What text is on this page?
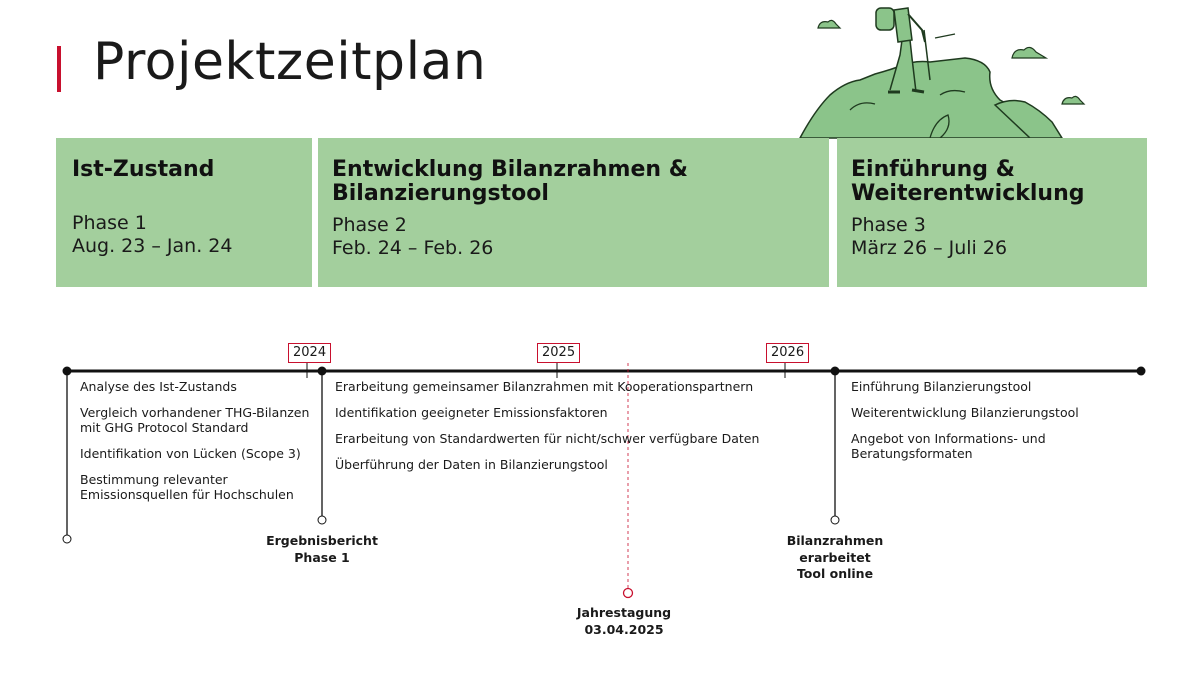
Projektzeitplan
Ist-Zustand
Phase 1
Aug. 23 – Jan. 24
Entwicklung Bilanzrahmen & Bilanzierungstool
Phase 2
Feb. 24 – Feb. 26
Einführung & Weiterentwicklung
Phase 3
März 26 – Juli 26
2024	2025	2026
Analyse des Ist-Zustands
Vergleich vorhandener THG-Bilanzen mit GHG Protocol Standard
Identifikation von Lücken (Scope 3)
Bestimmung relevanter Emissionsquellen für Hochschulen
Erarbeitung gemeinsamer Bilanzrahmen mit Kooperationspartnern
Identifikation geeigneter Emissionsfaktoren
Erarbeitung von Standardwerten für nicht/schwer verfügbare Daten
Überführung der Daten in Bilanzierungstool
Einführung Bilanzierungstool
Weiterentwicklung Bilanzierungstool
Angebot von Informations- und Beratungsformaten
Ergebnisbericht
Phase 1
Bilanzrahmen
erarbeitet
Tool online
Jahrestagung
03.04.2025
